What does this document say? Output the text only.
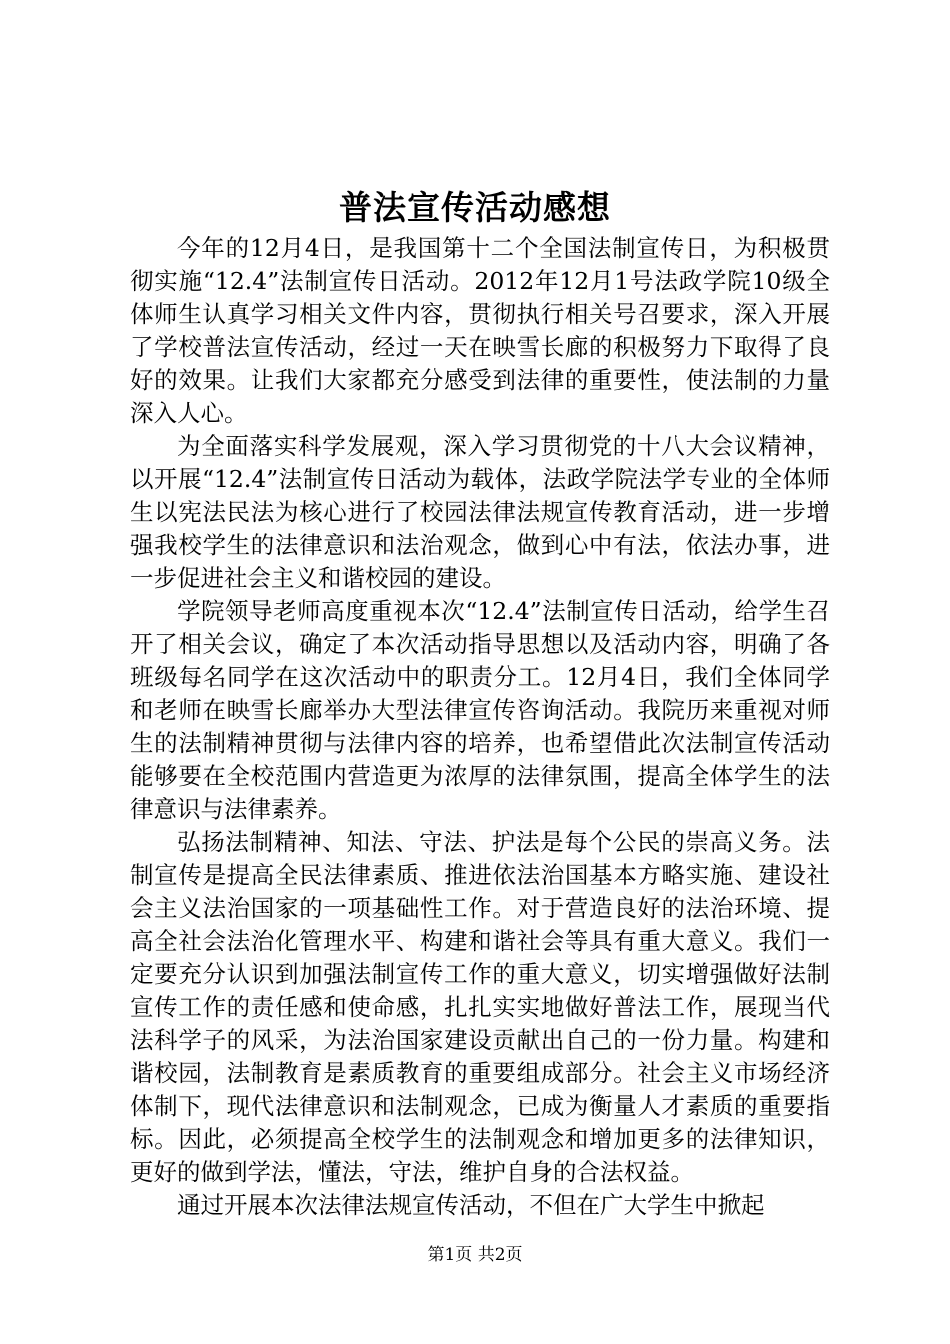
普法宣传活动感想

今年的12月4日，是我国第十二个全国法制宣传日，为积极贯彻实施“12.4”法制宣传日活动。2012年12月1号法政学院10级全体师生认真学习相关文件内容，贯彻执行相关号召要求，深入开展了学校普法宣传活动，经过一天在映雪长廊的积极努力下取得了良好的效果。让我们大家都充分感受到法律的重要性，使法制的力量深入人心。

为全面落实科学发展观，深入学习贯彻党的十八大会议精神，以开展“12.4”法制宣传日活动为载体，法政学院法学专业的全体师生以宪法民法为核心进行了校园法律法规宣传教育活动，进一步增强我校学生的法律意识和法治观念，做到心中有法，依法办事，进一步促进社会主义和谐校园的建设。

学院领导老师高度重视本次“12.4”法制宣传日活动，给学生召开了相关会议，确定了本次活动指导思想以及活动内容，明确了各班级每名同学在这次活动中的职责分工。12月4日，我们全体同学和老师在映雪长廊举办大型法律宣传咨询活动。我院历来重视对师生的法制精神贯彻与法律内容的培养，也希望借此次法制宣传活动能够要在全校范围内营造更为浓厚的法律氛围，提高全体学生的法律意识与法律素养。

弘扬法制精神、知法、守法、护法是每个公民的崇高义务。法制宣传是提高全民法律素质、推进依法治国基本方略实施、建设社会主义法治国家的一项基础性工作。对于营造良好的法治环境、提高全社会法治化管理水平、构建和谐社会等具有重大意义。我们一定要充分认识到加强法制宣传工作的重大意义，切实增强做好法制宣传工作的责任感和使命感，扎扎实实地做好普法工作，展现当代法科学子的风采，为法治国家建设贡献出自己的一份力量。构建和谐校园，法制教育是素质教育的重要组成部分。社会主义市场经济体制下，现代法律意识和法制观念，已成为衡量人才素质的重要指标。因此，必须提高全校学生的法制观念和增加更多的法律知识，更好的做到学法，懂法，守法，维护自身的合法权益。

通过开展本次法律法规宣传活动，不但在广大学生中掀起

第1页 共2页
